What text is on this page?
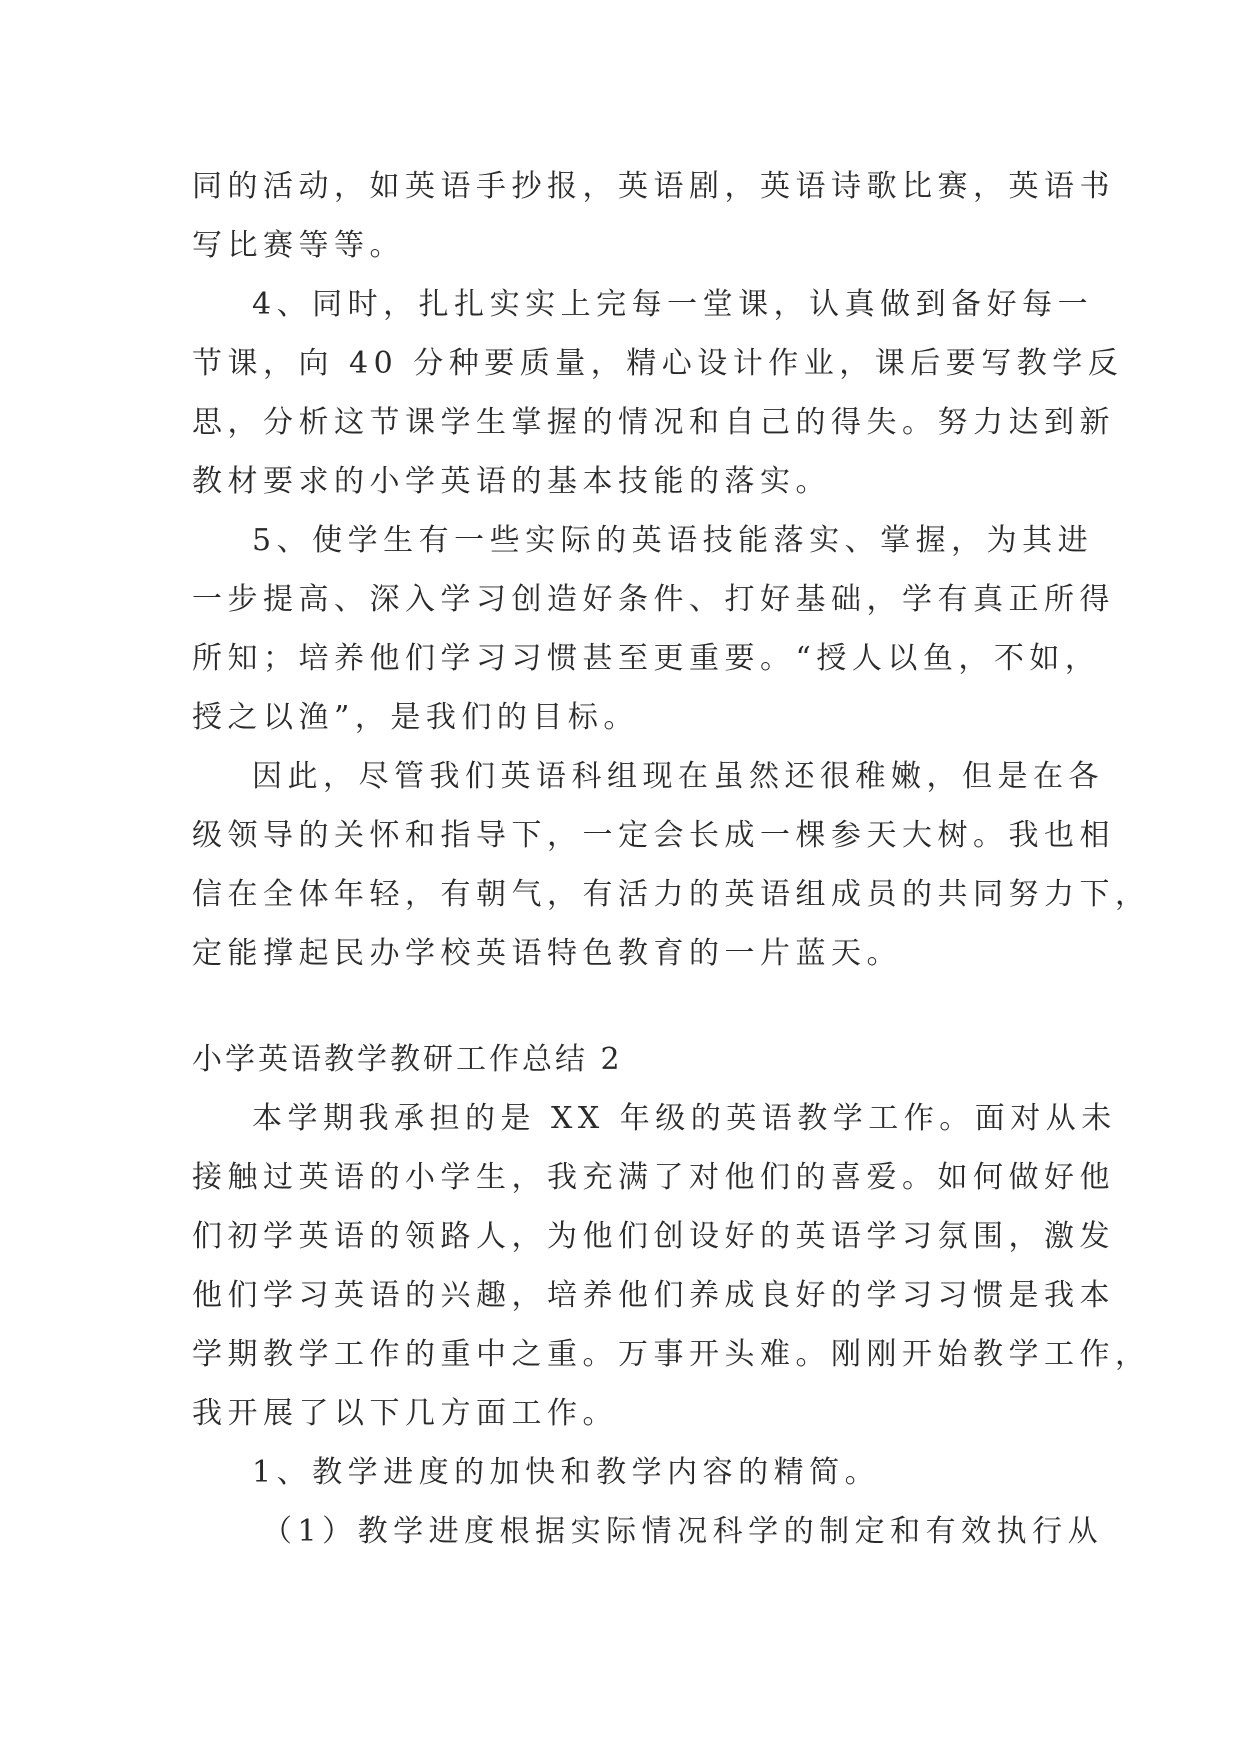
同的活动，如英语手抄报，英语剧，英语诗歌比赛，英语书
写比赛等等。
4、同时，扎扎实实上完每一堂课，认真做到备好每一
节课，向 40 分种要质量，精心设计作业，课后要写教学反
思，分析这节课学生掌握的情况和自己的得失。努力达到新
教材要求的小学英语的基本技能的落实。
5、使学生有一些实际的英语技能落实、掌握，为其进
一步提高、深入学习创造好条件、打好基础，学有真正所得
所知；培养他们学习习惯甚至更重要。“授人以鱼，不如，
授之以渔”，是我们的目标。
因此，尽管我们英语科组现在虽然还很稚嫩，但是在各
级领导的关怀和指导下，一定会长成一棵参天大树。我也相
信在全体年轻，有朝气，有活力的英语组成员的共同努力下，
定能撑起民办学校英语特色教育的一片蓝天。
小学英语教学教研工作总结 2
本学期我承担的是 XX 年级的英语教学工作。面对从未
接触过英语的小学生，我充满了对他们的喜爱。如何做好他
们初学英语的领路人，为他们创设好的英语学习氛围，激发
他们学习英语的兴趣，培养他们养成良好的学习习惯是我本
学期教学工作的重中之重。万事开头难。刚刚开始教学工作，
我开展了以下几方面工作。
1、教学进度的加快和教学内容的精简。
（1）教学进度根据实际情况科学的制定和有效执行从
